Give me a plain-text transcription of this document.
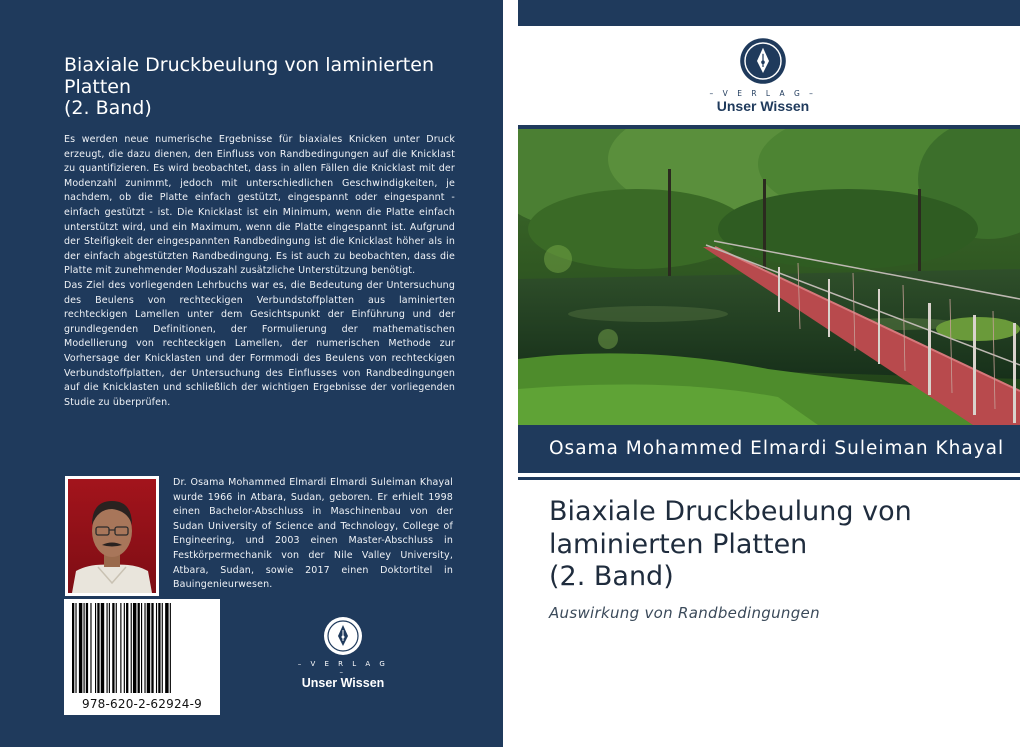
Biaxiale Druckbeulung von laminierten
Platten
(2. Band)

Es werden neue numerische Ergebnisse für biaxiales Knicken unter Druck erzeugt, die dazu dienen, den Einfluss von Randbedingungen auf die Knicklast zu quantifizieren. Es wird beobachtet, dass in allen Fällen die Knicklast mit der Modenzahl zunimmt, jedoch mit unterschiedlichen Geschwindigkeiten, je nachdem, ob die Platte einfach gestützt, eingespannt oder eingespannt - einfach gestützt - ist. Die Knicklast ist ein Minimum, wenn die Platte einfach unterstützt wird, und ein Maximum, wenn die Platte eingespannt ist. Aufgrund der Steifigkeit der eingespannten Randbedingung ist die Knicklast höher als in der einfach abgestützten Randbedingung. Es ist auch zu beobachten, dass die Platte mit zunehmender Moduszahl zusätzliche Unterstützung benötigt.

Das Ziel des vorliegenden Lehrbuchs war es, die Bedeutung der Untersuchung des Beulens von rechteckigen Verbundstoffplatten aus laminierten rechteckigen Lamellen unter dem Gesichtspunkt der Einführung und der grundlegenden Definitionen, der Formulierung der mathematischen Modellierung von rechteckigen Lamellen, der numerischen Methode zur Vorhersage der Knicklasten und der Formmodi des Beulens von rechteckigen Verbundstoffplatten, der Untersuchung des Einflusses von Randbedingungen auf die Knicklasten und schließlich der wichtigen Ergebnisse der vorliegenden Studie zu überprüfen.

Dr. Osama Mohammed Elmardi Elmardi Suleiman Khayal wurde 1966 in Atbara, Sudan, geboren. Er erhielt 1998 einen Bachelor-Abschluss in Maschinenbau von der Sudan University of Science and Technology, College of Engineering, und 2003 einen Master-Abschluss in Festkörpermechanik von der Nile Valley University, Atbara, Sudan, sowie 2017 einen Doktortitel in Bauingenieurwesen.
978-620-2-62924-9
– V E R L A G –
Unser Wissen
– V E R L A G –
Unser Wissen
Osama Mohammed Elmardi Suleiman Khayal
Biaxiale Druckbeulung von
laminierten Platten
(2. Band)
Auswirkung von Randbedingungen
